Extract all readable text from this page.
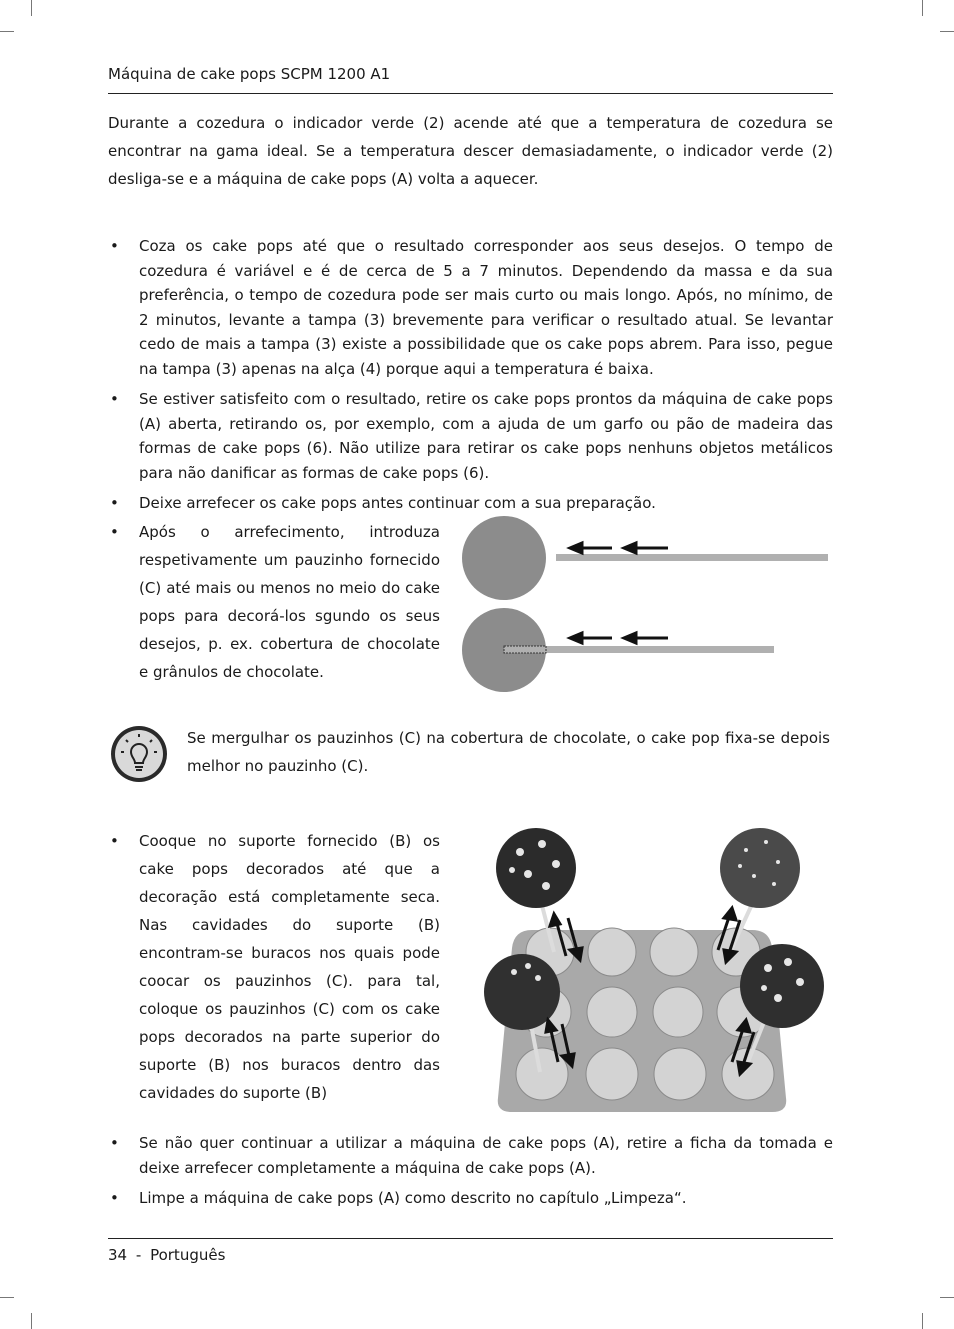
Máquina de cake pops SCPM 1200 A1
Durante a cozedura o indicador verde (2) acende até que a temperatura de cozedura se encontrar na gama ideal. Se a temperatura descer demasiadamente, o indicador verde (2) desliga-se e a máquina de cake pops (A) volta a aquecer.
• Coza os cake pops até que o resultado corresponder aos seus desejos. O tempo de cozedura é variável e é de cerca de 5 a 7 minutos. Dependendo da massa e da sua preferência, o tempo de cozedura pode ser mais curto ou mais longo. Após, no mínimo, de 2 minutos, levante a tampa (3) brevemente para verificar o resultado atual. Se levantar cedo de mais a tampa (3) existe a possibilidade que os cake pops abrem. Para isso, pegue na tampa (3) apenas na alça (4) porque aqui a temperatura é baixa.
• Se estiver satisfeito com o resultado, retire os cake pops prontos da máquina de cake pops (A) aberta, retirando os, por exemplo, com a ajuda de um garfo ou pão de madeira das formas de cake pops (6). Não utilize para retirar os cake pops nenhuns objetos metálicos para não danificar as formas de cake pops (6).
• Deixe arrefecer os cake pops antes continuar com a sua preparação.
• Após o arrefecimento, introduza respetivamente um pauzinho fornecido (C) até mais ou menos no meio do cake pops para decorá-los sgundo os seus desejos, p. ex. cobertura de chocolate e grânulos de chocolate.
Se mergulhar os pauzinhos (C) na cobertura de chocolate, o cake pop fixa-se depois melhor no pauzinho (C).
• Cooque no suporte fornecido (B) os cake pops decorados até que a decoração está completamente seca. Nas cavidades do suporte (B) encontram-se buracos nos quais pode coocar os pauzinhos (C). para tal, coloque os pauzinhos (C) com os cake pops decorados na parte superior do suporte (B) nos buracos dentro das cavidades do suporte (B)
• Se não quer continuar a utilizar a máquina de cake pops (A), retire a ficha da tomada e deixe arrefecer completamente a máquina de cake pops (A).
• Limpe a máquina de cake pops (A) como descrito no capítulo „Limpeza“.
34 - Português
